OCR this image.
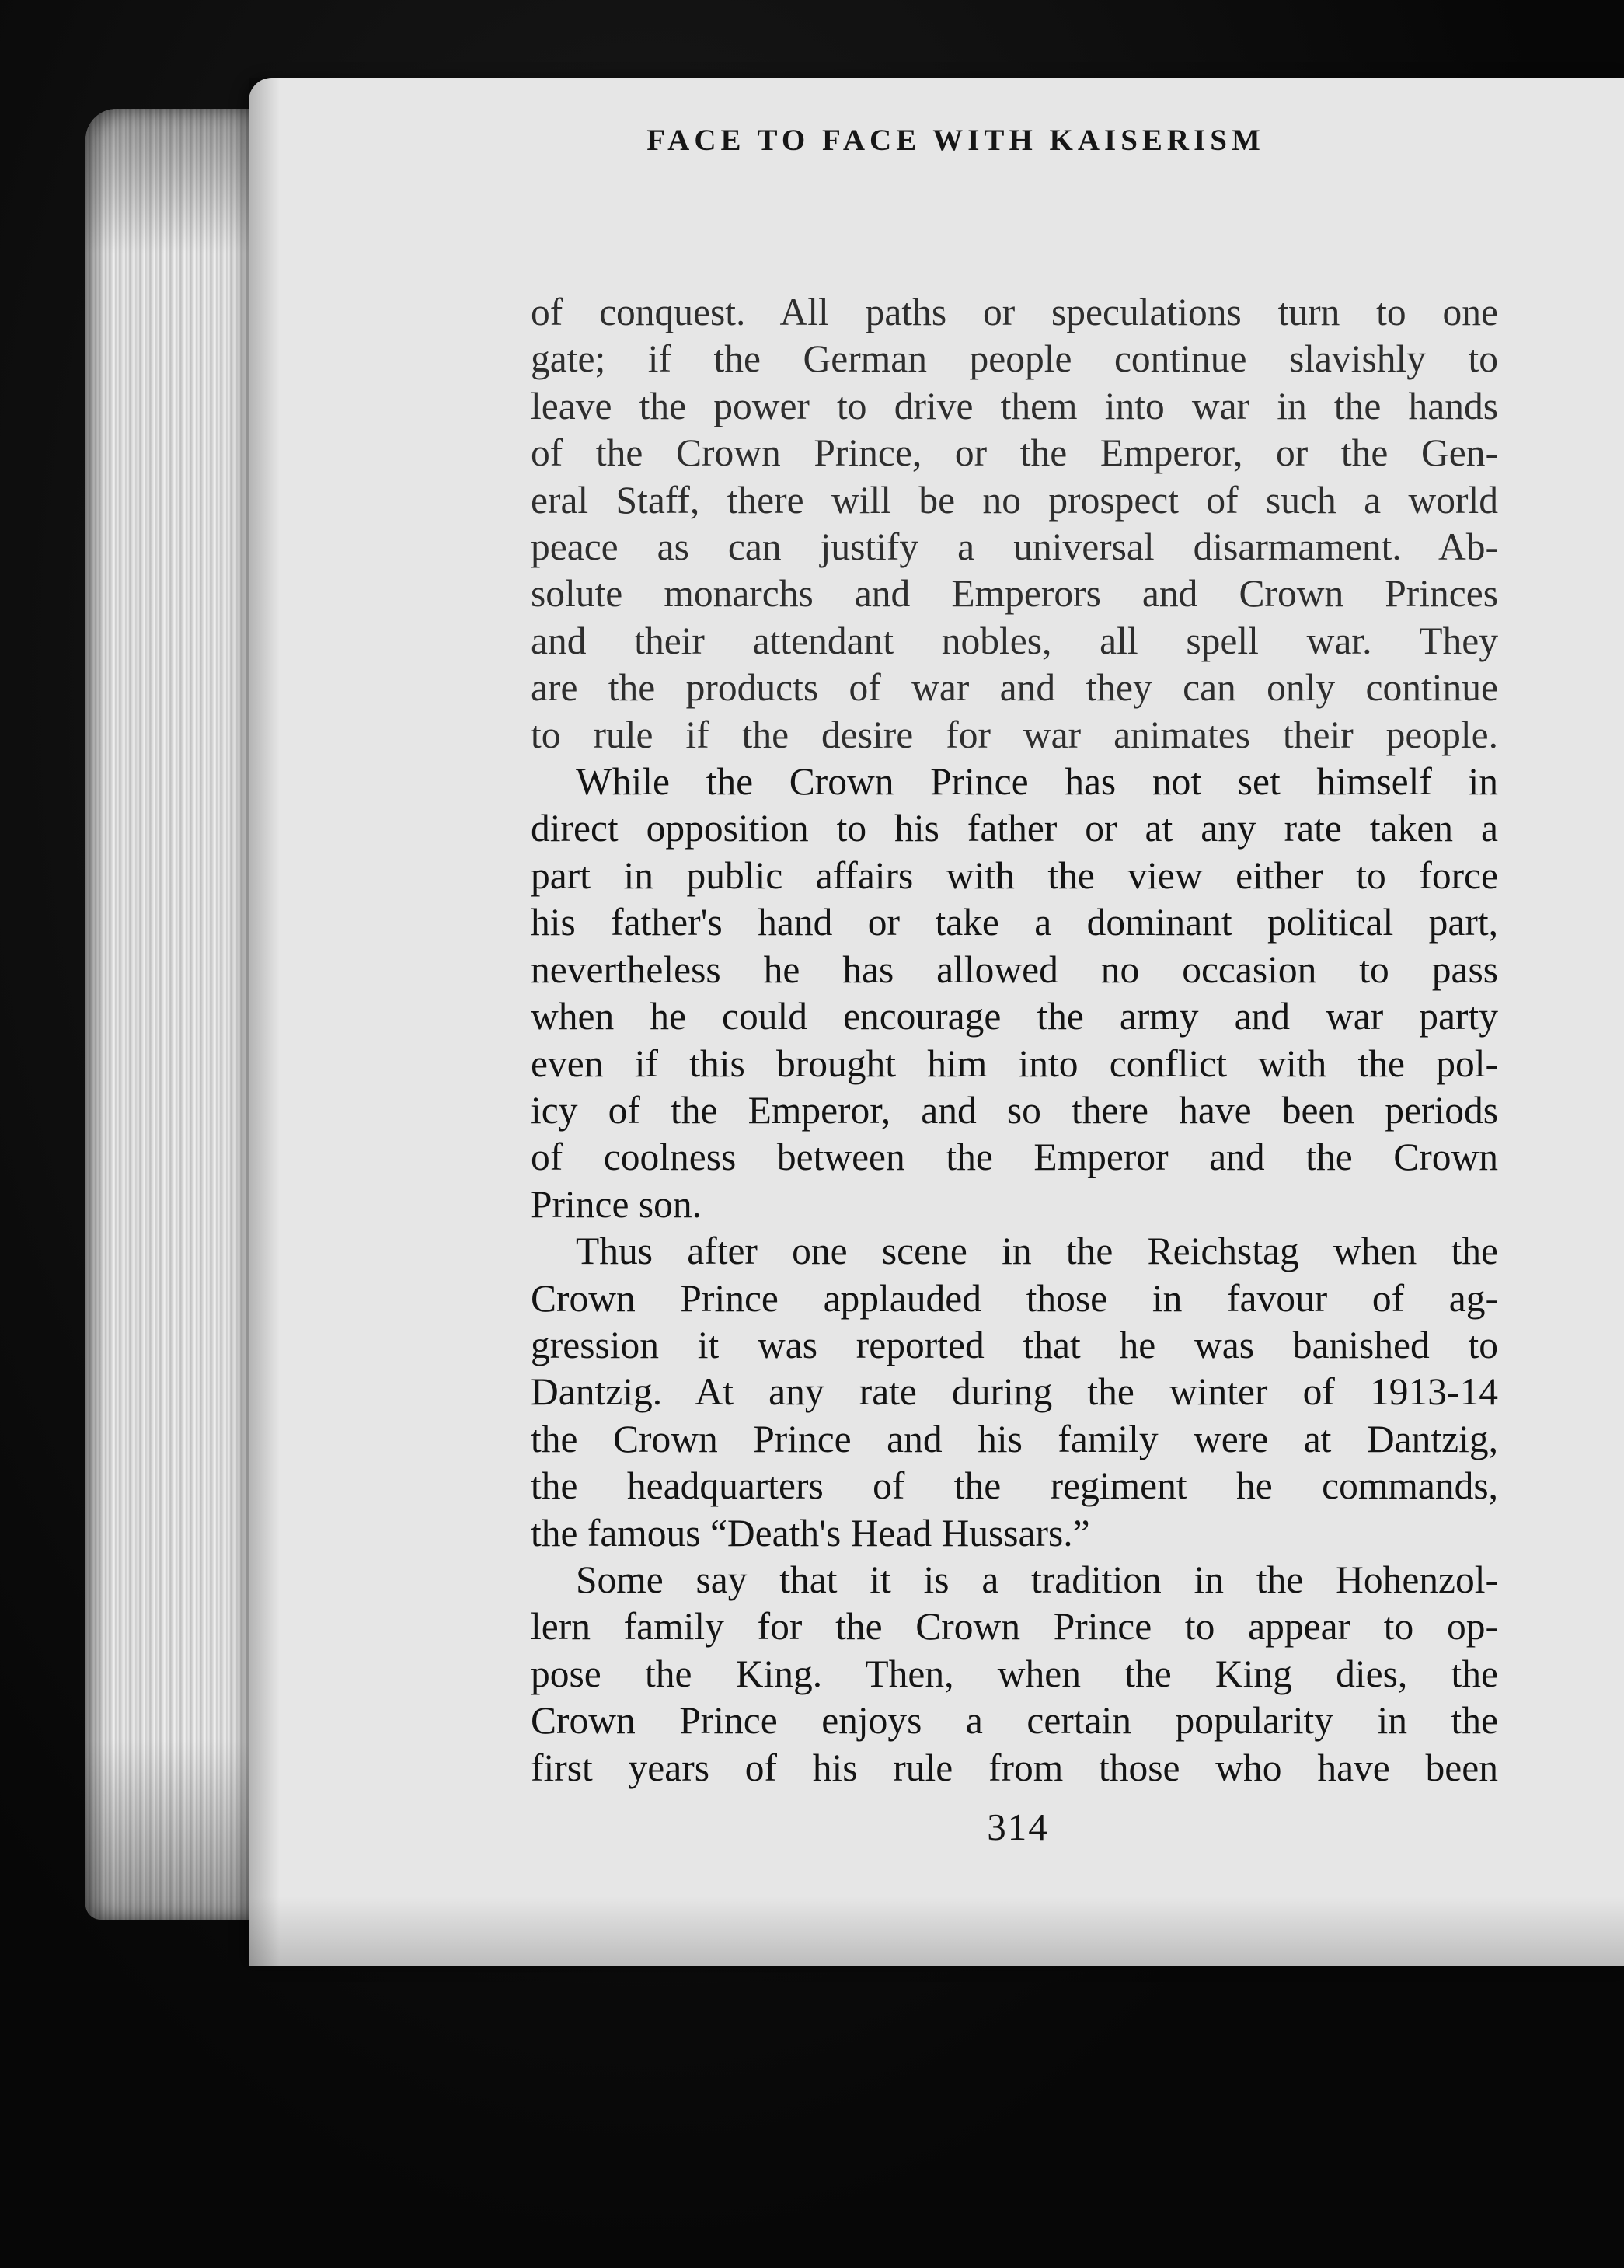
FACE TO FACE WITH KAISERISM

of conquest. All paths or speculations turn to one
gate; if the German people continue slavishly to
leave the power to drive them into war in the hands
of the Crown Prince, or the Emperor, or the Gen-
eral Staff, there will be no prospect of such a world
peace as can justify a universal disarmament. Ab-
solute monarchs and Emperors and Crown Princes
and their attendant nobles, all spell war. They
are the products of war and they can only continue
to rule if the desire for war animates their people.

While the Crown Prince has not set himself in
direct opposition to his father or at any rate taken a
part in public affairs with the view either to force
his father's hand or take a dominant political part,
nevertheless he has allowed no occasion to pass
when he could encourage the army and war party
even if this brought him into conflict with the pol-
icy of the Emperor, and so there have been periods
of coolness between the Emperor and the Crown
Prince son.

Thus after one scene in the Reichstag when the
Crown Prince applauded those in favour of ag-
gression it was reported that he was banished to
Dantzig. At any rate during the winter of 1913-14
the Crown Prince and his family were at Dantzig,
the headquarters of the regiment he commands,
the famous “Death's Head Hussars.”

Some say that it is a tradition in the Hohenzol-
lern family for the Crown Prince to appear to op-
pose the King. Then, when the King dies, the
Crown Prince enjoys a certain popularity in the
first years of his rule from those who have been

314
